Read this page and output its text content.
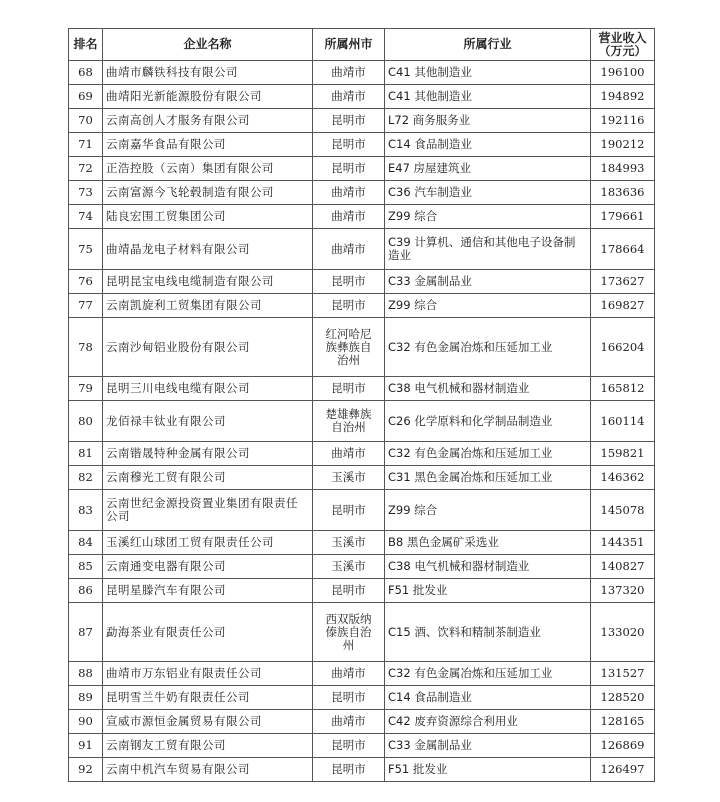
排名	企业名称	所属州市	所属行业	营业收入
（万元）
68	曲靖市麟铁科技有限公司	曲靖市	C41 其他制造业	196100
69	曲靖阳光新能源股份有限公司	曲靖市	C41 其他制造业	194892
70	云南高创人才服务有限公司	昆明市	L72 商务服务业	192116
71	云南嘉华食品有限公司	昆明市	C14 食品制造业	190212
72	正浩控股（云南）集团有限公司	昆明市	E47 房屋建筑业	184993
73	云南富源今飞轮毂制造有限公司	曲靖市	C36 汽车制造业	183636
74	陆良宏围工贸集团公司	曲靖市	Z99 综合	179661
75	曲靖晶龙电子材料有限公司	曲靖市	C39 计算机、通信和其他电子设备制
造业	178664
76	昆明昆宝电线电缆制造有限公司	昆明市	C33 金属制品业	173627
77	云南凯旋利工贸集团有限公司	昆明市	Z99 综合	169827
78	云南沙甸铝业股份有限公司	红河哈尼
族彝族自
治州	C32 有色金属冶炼和压延加工业	166204
79	昆明三川电线电缆有限公司	昆明市	C38 电气机械和器材制造业	165812
80	龙佰禄丰钛业有限公司	楚雄彝族
自治州	C26 化学原料和化学制品制造业	160114
81	云南锴晟特种金属有限公司	曲靖市	C32 有色金属冶炼和压延加工业	159821
82	云南穆光工贸有限公司	玉溪市	C31 黑色金属冶炼和压延加工业	146362
83	云南世纪金源投资置业集团有限责任
公司	昆明市	Z99 综合	145078
84	玉溪红山球团工贸有限责任公司	玉溪市	B8 黑色金属矿采选业	144351
85	云南通变电器有限公司	玉溪市	C38 电气机械和器材制造业	140827
86	昆明星滕汽车有限公司	昆明市	F51 批发业	137320
87	勐海茶业有限责任公司	西双版纳
傣族自治
州	C15 酒、饮料和精制茶制造业	133020
88	曲靖市万东铝业有限责任公司	曲靖市	C32 有色金属冶炼和压延加工业	131527
89	昆明雪兰牛奶有限责任公司	昆明市	C14 食品制造业	128520
90	宣威市源恒金属贸易有限公司	曲靖市	C42 废弃资源综合利用业	128165
91	云南钢友工贸有限公司	昆明市	C33 金属制品业	126869
92	云南中机汽车贸易有限公司	昆明市	F51 批发业	126497
